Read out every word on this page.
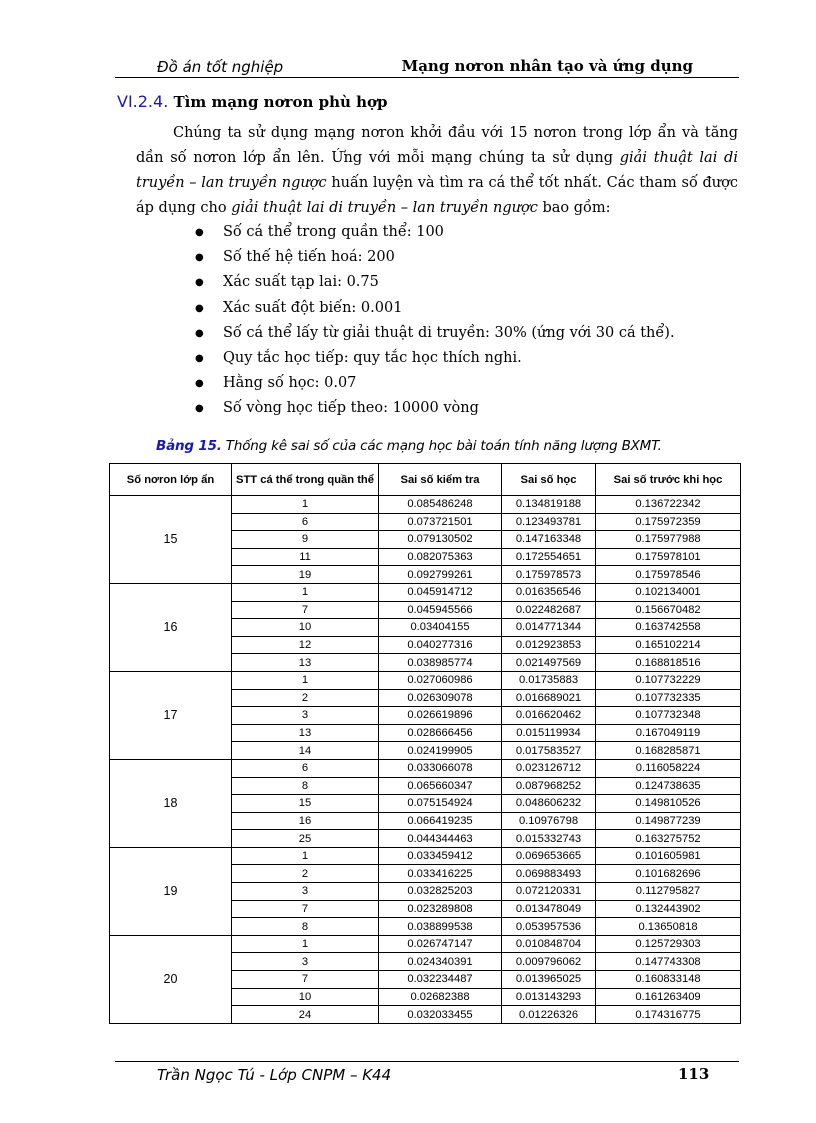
Đồ án tốt nghiệp	Mạng nơron nhân tạo và ứng dụng
VI.2.4. Tìm mạng nơron phù hợp

Chúng ta sử dụng mạng nơron khởi đầu với 15 nơron trong lớp ẩn và tăng dần số nơron lớp ẩn lên. Ứng với mỗi mạng chúng ta sử dụng giải thuật lai di truyền – lan truyền ngược huấn luyện và tìm ra cá thể tốt nhất. Các tham số được áp dụng cho giải thuật lai di truyền – lan truyền ngược bao gồm:

● Số cá thể trong quần thể: 100
● Số thế hệ tiến hoá: 200
● Xác suất tạp lai: 0.75
● Xác suất đột biến: 0.001
● Số cá thể lấy từ giải thuật di truyền: 30% (ứng với 30 cá thể).
● Quy tắc học tiếp: quy tắc học thích nghi.
● Hằng số học: 0.07
● Số vòng học tiếp theo: 10000 vòng
Bảng 15. Thống kê sai số của các mạng học bài toán tính năng lượng BXMT.
Số nơron lớp ẩn	STT cá thể trong quần thể	Sai số kiểm tra	Sai số học	Sai số trước khi học
15	1	0.085486248	0.134819188	0.136722342
	6	0.073721501	0.123493781	0.175972359
	9	0.079130502	0.147163348	0.175977988
	11	0.082075363	0.172554651	0.175978101
	19	0.092799261	0.175978573	0.175978546
16	1	0.045914712	0.016356546	0.102134001
	7	0.045945566	0.022482687	0.156670482
	10	0.03404155	0.014771344	0.163742558
	12	0.040277316	0.012923853	0.165102214
	13	0.038985774	0.021497569	0.168818516
17	1	0.027060986	0.01735883	0.107732229
	2	0.026309078	0.016689021	0.107732335
	3	0.026619896	0.016620462	0.107732348
	13	0.028666456	0.015119934	0.167049119
	14	0.024199905	0.017583527	0.168285871
18	6	0.033066078	0.023126712	0.116058224
	8	0.065660347	0.087968252	0.124738635
	15	0.075154924	0.048606232	0.149810526
	16	0.066419235	0.10976798	0.149877239
	25	0.044344463	0.015332743	0.163275752
19	1	0.033459412	0.069653665	0.101605981
	2	0.033416225	0.069883493	0.101682696
	3	0.032825203	0.072120331	0.112795827
	7	0.023289808	0.013478049	0.132443902
	8	0.038899538	0.053957536	0.13650818
20	1	0.026747147	0.010848704	0.125729303
	3	0.024340391	0.009796062	0.147743308
	7	0.032234487	0.013965025	0.160833148
	10	0.02682388	0.013143293	0.161263409
	24	0.032033455	0.01226326	0.174316775
Trần Ngọc Tú - Lớp CNPM – K44	113
